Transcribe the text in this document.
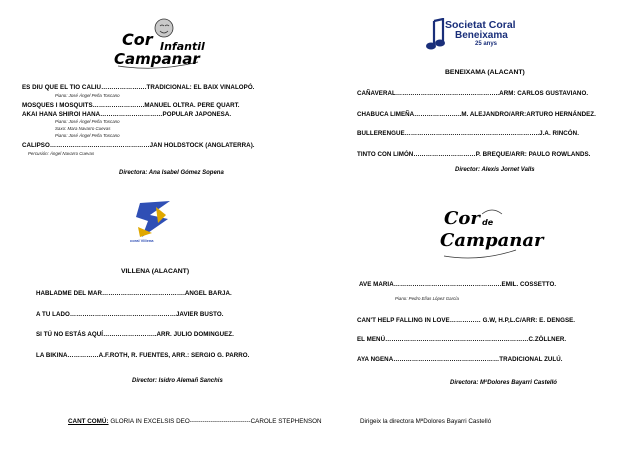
Cor Infantil
Campanar
ES DIU QUE EL TIO CALIU………………….TRADICIONAL: EL BAIX VINALOPÓ.
Piano: José Ángel Peña Toscano
MOSQUES I MOSQUITS…………………….MANUEL OLTRA. PERE QUART.
AKAI HANA SHIROI HANA…………………………POPULAR JAPONESA.
Piano: José Ángel Peña Toscano
Saxo: Mara Navarro Cuevas
Piano: José Ángel Peña Toscano
CALIPSO…………………………………………JAN HOLDSTOCK (ANGLATERRA).
Percusión: Ángel Navarro Cuevas
Directora: Ana Isabel Gómez Sopena
Societat Coral
Beneixama
25 anys
BENEIXAMA (ALACANT)
CAÑAVERAL…………………………………………..ARM: CARLOS GUSTAVIANO.
CHABUCA LIMEÑA…………………..M. ALEJANDRO/ARR:ARTURO HERNÁNDEZ.
BULLERENGUE………………………………………………………..J.A. RINCÓN.
TINTO CON LIMÓN…………………………P. BREQUE/ARR: PAULO ROWLANDS.
Director: Alexis Jornet Valls
coral Villena
VILLENA (ALACANT)
HABLADME DEL MAR………………………………….ANGEL BARJA.
A TU LADO……………………………………………JAVIER BUSTO.
SI TÚ NO ESTÁS AQUÍ……………………..ARR. JULIO DOMINGUEZ.
LA BIKINA……………A.F.ROTH, R. FUENTES, ARR.: SERGIO G. PARRO.
Director: Isidro Alemañ Sanchis
Cor de
Campanar
AVE MARIA…………………………………………….EMIL. COSSETTO.
Piano: Pedro Elías López García
CAN'T HELP FALLING IN LOVE…………… G.W, H.P,L.C/ARR: E. DENGSE.
EL MENÚ……………………………………………………………C.ZÖLLNER.
AYA NGENA……………………………………………TRADICIONAL ZULÚ.
Directora: MªDolores Bayarri Castelló
CANT COMÚ: GLORIA IN EXCELSIS DEO-----------------------------CAROLE STEPHENSON	Dirigeix la directora MªDolores Bayarri Castelló
